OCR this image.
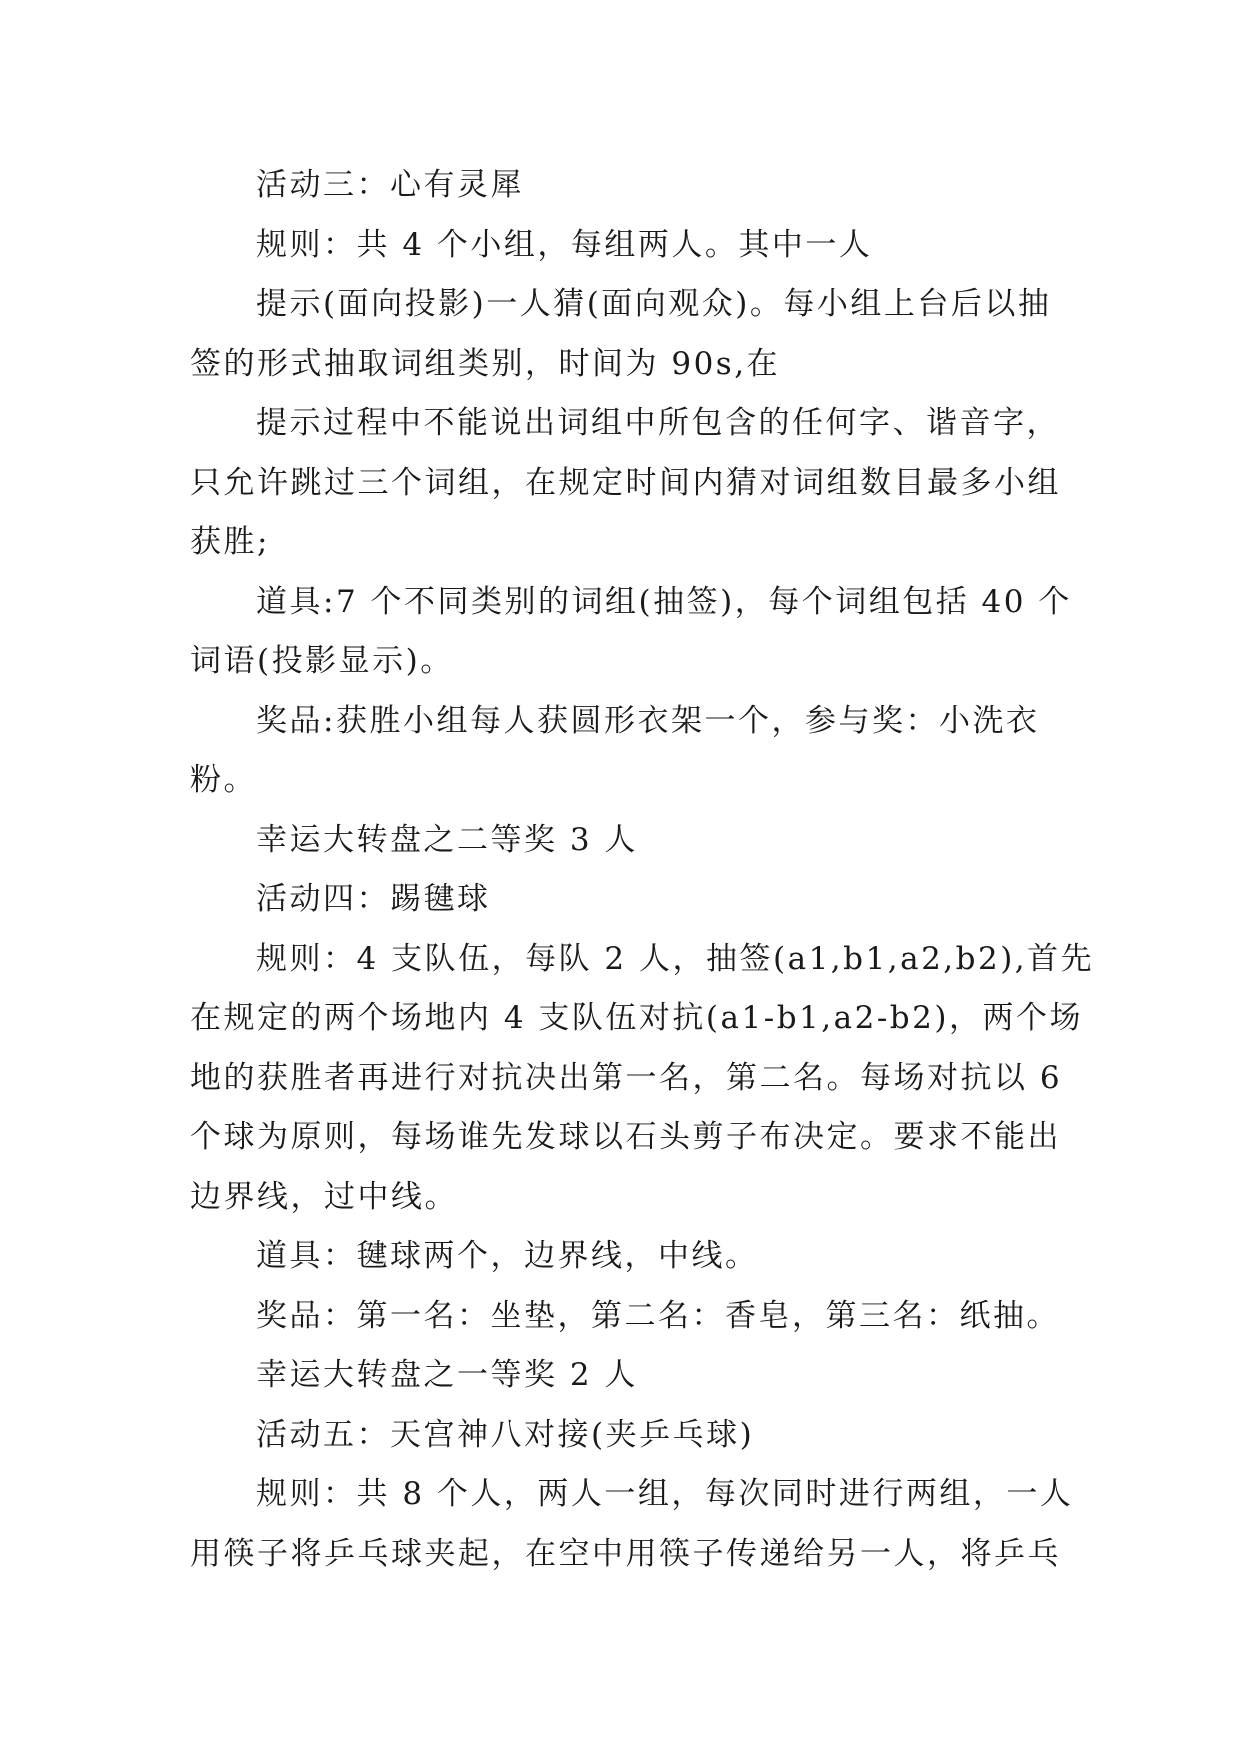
活动三：心有灵犀

规则：共 4 个小组，每组两人。其中一人

提示(面向投影)一人猜(面向观众)。每小组上台后以抽

签的形式抽取词组类别，时间为 90s,在

提示过程中不能说出词组中所包含的任何字、谐音字，

只允许跳过三个词组，在规定时间内猜对词组数目最多小组

获胜;

道具:7 个不同类别的词组(抽签)，每个词组包括 40 个

词语(投影显示)。

奖品:获胜小组每人获圆形衣架一个，参与奖：小洗衣

粉。

幸运大转盘之二等奖 3 人

活动四：踢毽球

规则：4 支队伍，每队 2 人，抽签(a1,b1,a2,b2),首先

在规定的两个场地内 4 支队伍对抗(a1-b1,a2-b2)，两个场

地的获胜者再进行对抗决出第一名，第二名。每场对抗以 6

个球为原则，每场谁先发球以石头剪子布决定。要求不能出

边界线，过中线。

道具：毽球两个，边界线，中线。

奖品：第一名：坐垫，第二名：香皂，第三名：纸抽。

幸运大转盘之一等奖 2 人

活动五：天宫神八对接(夹乒乓球)

规则：共 8 个人，两人一组，每次同时进行两组，一人

用筷子将乒乓球夹起，在空中用筷子传递给另一人，将乒乓
